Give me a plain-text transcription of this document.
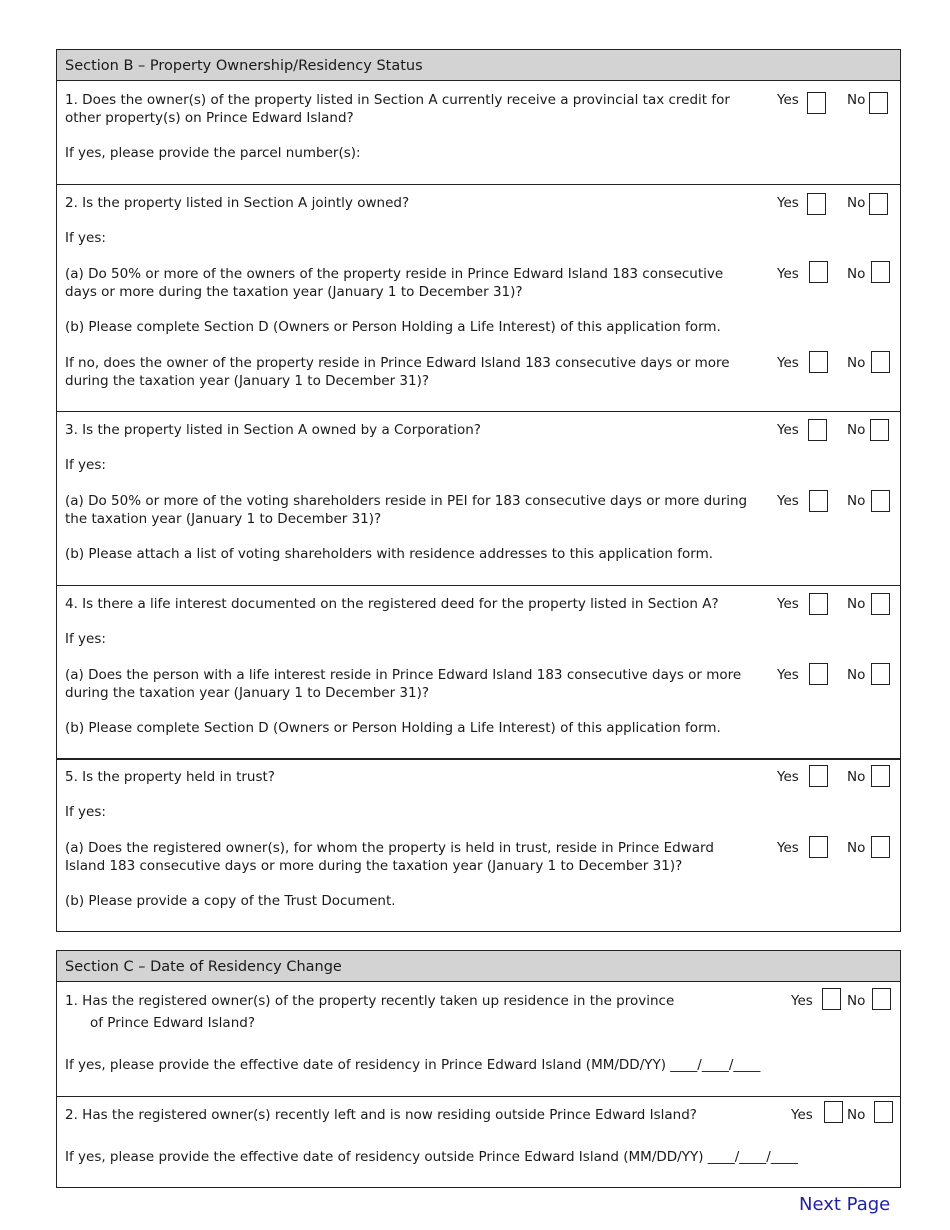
Section B – Property Ownership/Residency Status
1. Does the owner(s) of the property listed in Section A currently receive a provincial tax credit for
other property(s) on Prince Edward Island?
If yes, please provide the parcel number(s):
Yes	No
2. Is the property listed in Section A jointly owned?	Yes	No
If yes:
(a) Do 50% or more of the owners of the property reside in Prince Edward Island 183 consecutive
days or more during the taxation year (January 1 to December 31)?
Yes	No
(b) Please complete Section D (Owners or Person Holding a Life Interest) of this application form.
If no, does the owner of the property reside in Prince Edward Island 183 consecutive days or more
during the taxation year (January 1 to December 31)?
Yes	No
3. Is the property listed in Section A owned by a Corporation?	Yes	No
If yes:
(a) Do 50% or more of the voting shareholders reside in PEI for 183 consecutive days or more during
the taxation year (January 1 to December 31)?
Yes	No
(b) Please attach a list of voting shareholders with residence addresses to this application form.
4. Is there a life interest documented on the registered deed for the property listed in Section A?	Yes	No
If yes:
(a) Does the person with a life interest reside in Prince Edward Island 183 consecutive days or more
during the taxation year (January 1 to December 31)?
Yes	No
(b) Please complete Section D (Owners or Person Holding a Life Interest) of this application form.
5. Is the property held in trust?	Yes	No
If yes:
(a) Does the registered owner(s), for whom the property is held in trust, reside in Prince Edward
Island 183 consecutive days or more during the taxation year (January 1 to December 31)?
Yes	No
(b) Please provide a copy of the Trust Document.
Section C – Date of Residency Change
1. Has the registered owner(s) of the property recently taken up residence in the province
of Prince Edward Island?
Yes	No
If yes, please provide the effective date of residency in Prince Edward Island (MM/DD/YY) ____/____/____
2. Has the registered owner(s) recently left and is now residing outside Prince Edward Island?	Yes	No
If yes, please provide the effective date of residency outside Prince Edward Island (MM/DD/YY) ____/____/____
Next Page
